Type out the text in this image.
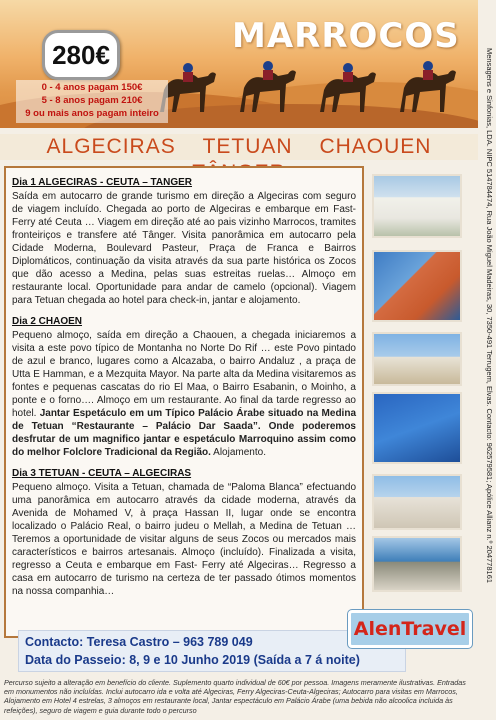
MARROCOS
280€
0 - 4 anos pagam 150€
5 - 8 anos pagam 210€
9 ou mais anos pagam inteiro
ALGECIRAS TETUAN CHAOUEN
Dia 1 ALGECIRAS - CEUTA – TANGER
Saída em autocarro de grande turismo em direção a Algeciras com seguro de viagem incluído. Chegada ao porto de Algeciras e embarque em Fast-Ferry até Ceuta … Viagem em direção até ao pais vizinho Marrocos, tramites fronteiriços e transfere até Tânger. Visita panorâmica em autocarro pela Cidade Moderna, Boulevard Pasteur, Praça de Franca e Bairros Diplomáticos, continuação da visita através da sua parte histórica os Zocos que dão acesso a Medina, pelas suas estreitas ruelas… Almoço em restaurante local. Oportunidade para andar de camelo (opcional). Viagem para Tetuan chegada ao hotel para check-in, jantar e alojamento.
Dia 2 CHAOEN
Pequeno almoço, saída em direção a Chaouen, a chegada iniciaremos a visita a este povo típico de Montanha no Norte Do Rif … este Povo pintado de azul e branco, lugares como a Alcazaba, o bairro Andaluz , a praça de Utta E Hamman, e a Mezquita Mayor. Na parte alta da Medina visitaremos as fontes e pequenas cascatas do rio El Maa, o Bairro Esabanin, o Moinho, a ponte e o forno…. Almoço em um restaurante. Ao final da tarde regresso ao hotel. Jantar Espetáculo em um Típico Palácio Árabe situado na Medina de Tetuan “Restaurante – Palácio Dar Saada”. Onde poderemos desfrutar de um magnifico jantar e espetáculo Marroquino assim como do melhor Folclore Tradicional da Região. Alojamento.
Dia 3 TETUAN - CEUTA – ALGECIRAS
Pequeno almoço. Visita a Tetuan, chamada de “Paloma Blanca” efectuando uma panorâmica em autocarro através da cidade moderna, através da Avenida de Mohamed V, à praça Hassan II, lugar onde se encontra localizado o Palácio Real, o bairro judeu o Mellah, a Medina de Tetuan … Teremos a oportunidade de visitar alguns de seus Zocos ou mercados mais característicos e bairros artesanais. Almoço (incluído). Finalizada a visita, regresso a Ceuta e embarque em Fast- Ferry até Algeciras… Regresso a casa em autocarro de turismo na certeza de ter passado ótimos momentos na nossa companhia…
Contacto: Teresa Castro – 963 789 049
Data do Passeio: 8, 9 e 10 Junho 2019 (Saída a 7 á noite)
AlenTravel
Mensagens e Sinfonias, LDA. NIPC 514784474, Rua João Miguel Madeiras, 30, 7350-491 Terrugem, Elvas. Contacto: 962579581; Apólice Allianz n.º 204778161
Percurso sujeito a alteração em benefício do cliente. Suplemento quarto individual de 60€ por pessoa. Imagens meramente ilustrativas. Entradas em monumentos não incluídas. Inclui autocarro ida e volta até Algeciras, Ferry Algeciras-Ceuta-Algeciras; Autocarro para visitas em Marrocos, Alojamento em Hotel 4 estrelas, 3 almoços em restaurante local, Jantar espectáculo em Palácio Árabe (uma bebida não alcoolica incluida às refeições), seguro de viagem e guia durante todo o percurso
